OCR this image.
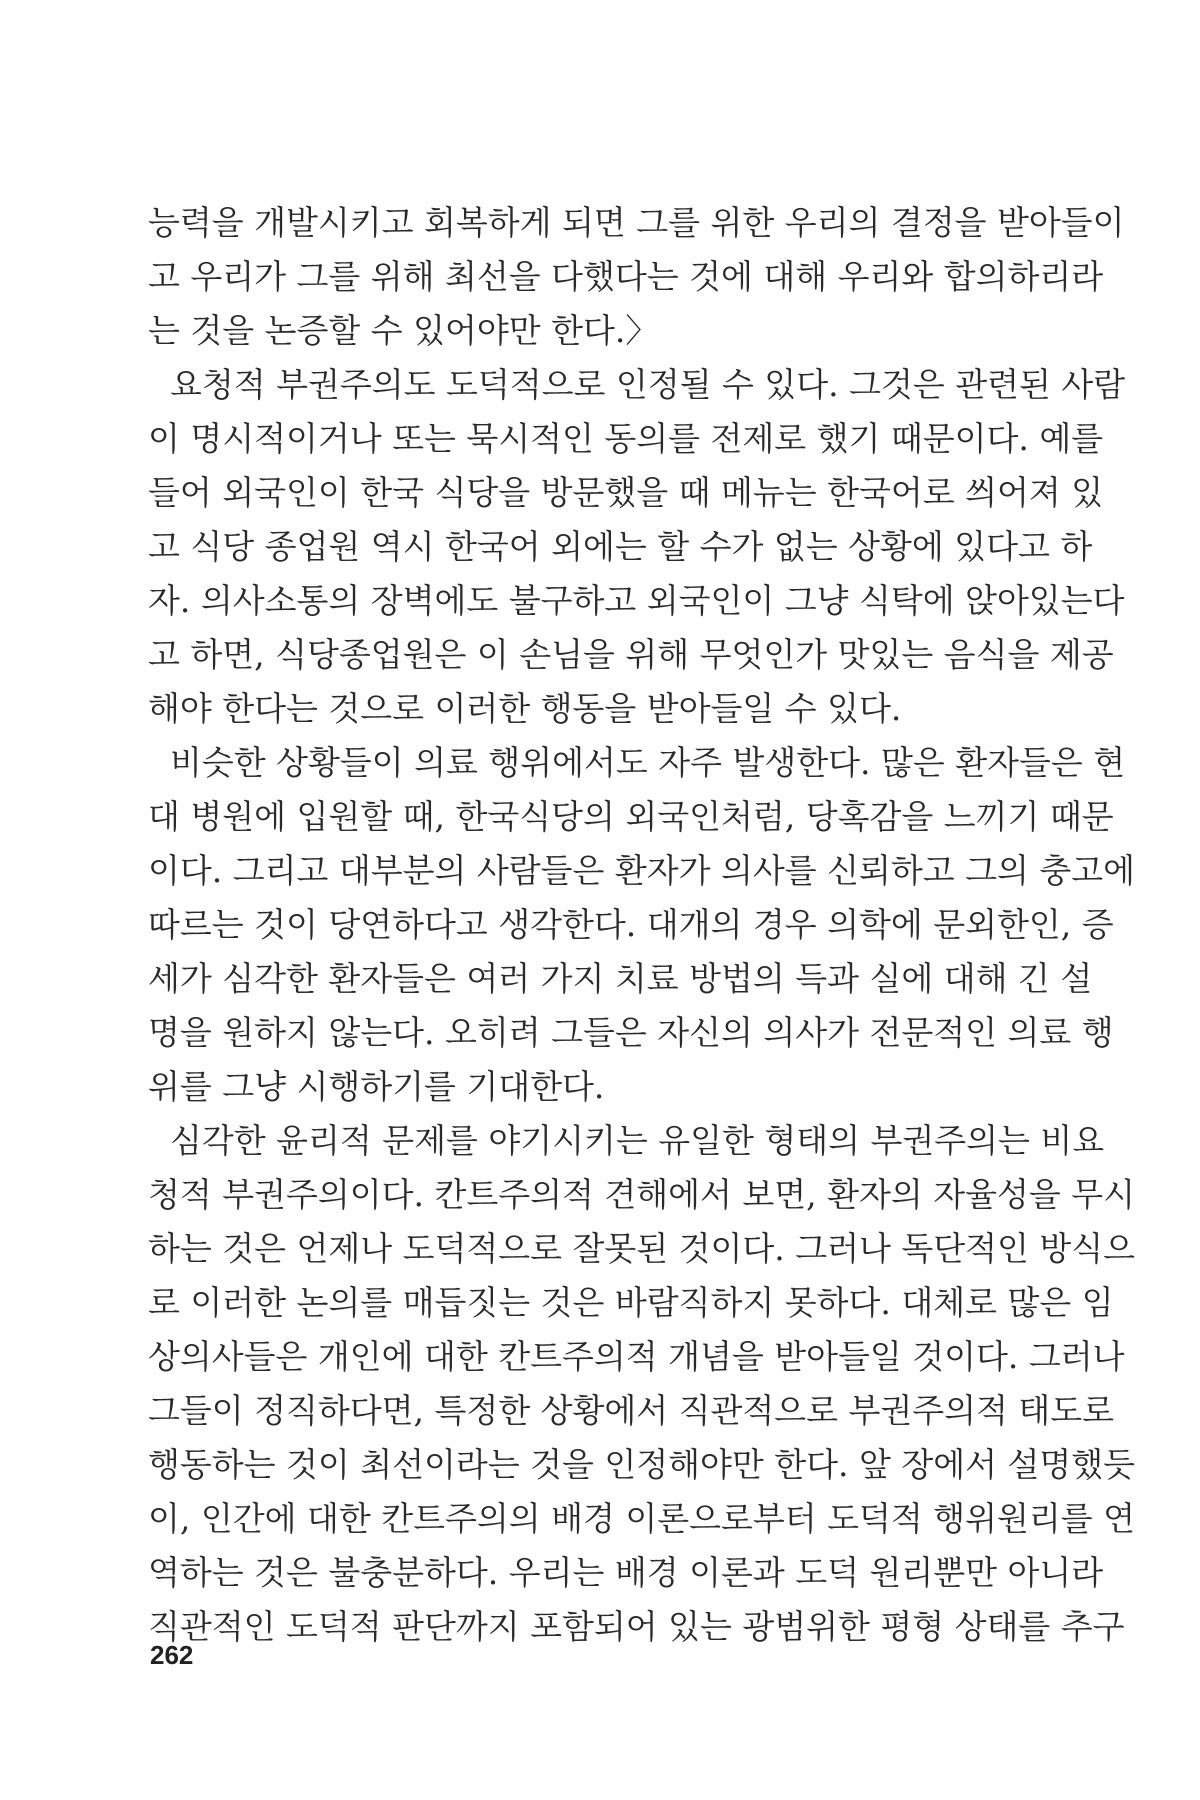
능력을 개발시키고 회복하게 되면 그를 위한 우리의 결정을 받아들이
고 우리가 그를 위해 최선을 다했다는 것에 대해 우리와 합의하리라
는 것을 논증할 수 있어야만 한다.〉
요청적 부권주의도 도덕적으로 인정될 수 있다. 그것은 관련된 사람
이 명시적이거나 또는 묵시적인 동의를 전제로 했기 때문이다. 예를
들어 외국인이 한국 식당을 방문했을 때 메뉴는 한국어로 씌어져 있
고 식당 종업원 역시 한국어 외에는 할 수가 없는 상황에 있다고 하
자. 의사소통의 장벽에도 불구하고 외국인이 그냥 식탁에 앉아있는다
고 하면, 식당종업원은 이 손님을 위해 무엇인가 맛있는 음식을 제공
해야 한다는 것으로 이러한 행동을 받아들일 수 있다.
비슷한 상황들이 의료 행위에서도 자주 발생한다. 많은 환자들은 현
대 병원에 입원할 때, 한국식당의 외국인처럼, 당혹감을 느끼기 때문
이다. 그리고 대부분의 사람들은 환자가 의사를 신뢰하고 그의 충고에
따르는 것이 당연하다고 생각한다. 대개의 경우 의학에 문외한인, 증
세가 심각한 환자들은 여러 가지 치료 방법의 득과 실에 대해 긴 설
명을 원하지 않는다. 오히려 그들은 자신의 의사가 전문적인 의료 행
위를 그냥 시행하기를 기대한다.
심각한 윤리적 문제를 야기시키는 유일한 형태의 부권주의는 비요
청적 부권주의이다. 칸트주의적 견해에서 보면, 환자의 자율성을 무시
하는 것은 언제나 도덕적으로 잘못된 것이다. 그러나 독단적인 방식으
로 이러한 논의를 매듭짓는 것은 바람직하지 못하다. 대체로 많은 임
상의사들은 개인에 대한 칸트주의적 개념을 받아들일 것이다. 그러나
그들이 정직하다면, 특정한 상황에서 직관적으로 부권주의적 태도로
행동하는 것이 최선이라는 것을 인정해야만 한다. 앞 장에서 설명했듯
이, 인간에 대한 칸트주의의 배경 이론으로부터 도덕적 행위원리를 연
역하는 것은 불충분하다. 우리는 배경 이론과 도덕 원리뿐만 아니라
직관적인 도덕적 판단까지 포함되어 있는 광범위한 평형 상태를 추구
262
